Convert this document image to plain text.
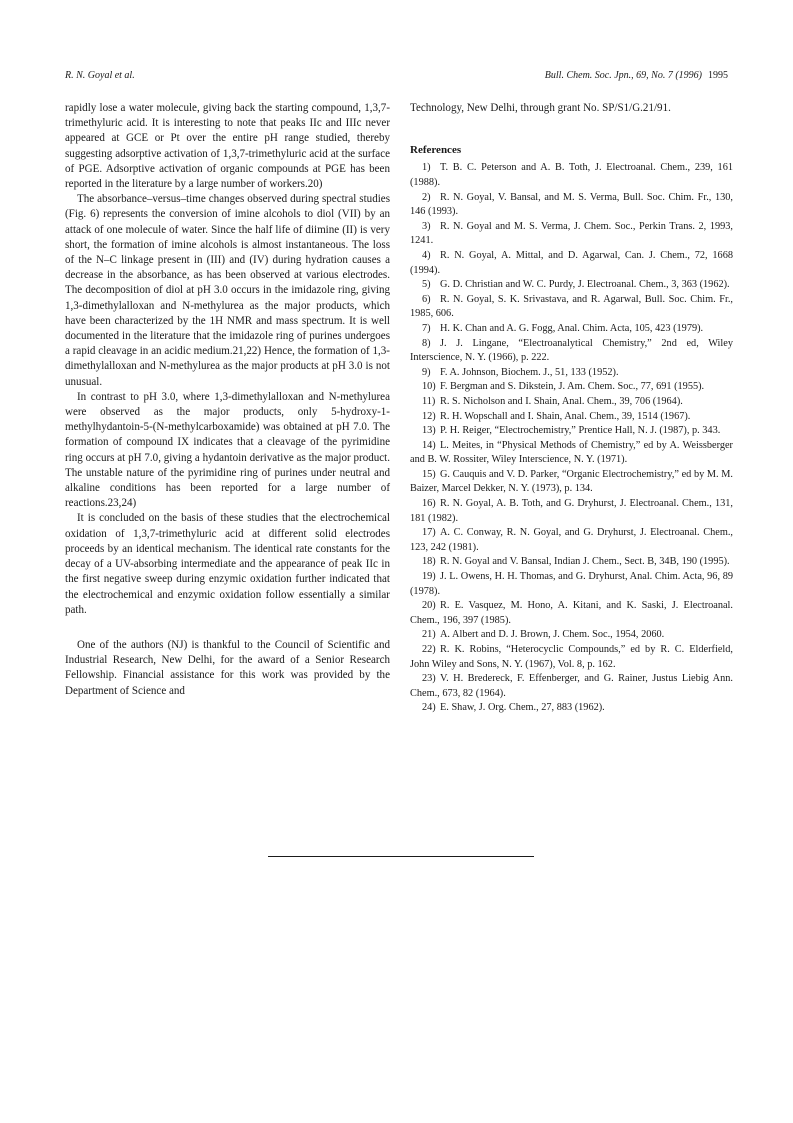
R. N. Goyal et al.	Bull. Chem. Soc. Jpn., 69, No. 7 (1996) 1995

rapidly lose a water molecule, giving back the starting compound, 1,3,7-trimethyluric acid. It is interesting to note that peaks IIc and IIIc never appeared at GCE or Pt over the entire pH range studied, thereby suggesting adsorptive activation of 1,3,7-trimethyluric acid at the surface of PGE. Adsorptive activation of organic compounds at PGE has been reported in the literature by a large number of workers.20)

The absorbance–versus–time changes observed during spectral studies (Fig. 6) represents the conversion of imine alcohols to diol (VII) by an attack of one molecule of water. Since the half life of diimine (II) is very short, the formation of imine alcohols is almost instantaneous. The loss of the N–C linkage present in (III) and (IV) during hydration causes a decrease in the absorbance, as has been observed at various electrodes. The decomposition of diol at pH 3.0 occurs in the imidazole ring, giving 1,3-dimethylalloxan and N-methylurea as the major products, which have been characterized by the 1H NMR and mass spectrum. It is well documented in the literature that the imidazole ring of purines undergoes a rapid cleavage in an acidic medium.21,22) Hence, the formation of 1,3-dimethylalloxan and N-methylurea as the major products at pH 3.0 is not unusual.

In contrast to pH 3.0, where 1,3-dimethylalloxan and N-methylurea were observed as the major products, only 5-hydroxy-1-methylhydantoin-5-(N-methylcarboxamide) was obtained at pH 7.0. The formation of compound IX indicates that a cleavage of the pyrimidine ring occurs at pH 7.0, giving a hydantoin derivative as the major product. The unstable nature of the pyrimidine ring of purines under neutral and alkaline conditions has been reported for a large number of reactions.23,24)

It is concluded on the basis of these studies that the electrochemical oxidation of 1,3,7-trimethyluric acid at different solid electrodes proceeds by an identical mechanism. The identical rate constants for the decay of a UV-absorbing intermediate and the appearance of peak IIc in the first negative sweep during enzymic oxidation further indicated that the electrochemical and enzymic oxidation follow essentially a similar path.

One of the authors (NJ) is thankful to the Council of Scientific and Industrial Research, New Delhi, for the award of a Senior Research Fellowship. Financial assistance for this work was provided by the Department of Science and

Technology, New Delhi, through grant No. SP/S1/G.21/91.

References
1) T. B. C. Peterson and A. B. Toth, J. Electroanal. Chem., 239, 161 (1988).
2) R. N. Goyal, V. Bansal, and M. S. Verma, Bull. Soc. Chim. Fr., 130, 146 (1993).
3) R. N. Goyal and M. S. Verma, J. Chem. Soc., Perkin Trans. 2, 1993, 1241.
4) R. N. Goyal, A. Mittal, and D. Agarwal, Can. J. Chem., 72, 1668 (1994).
5) G. D. Christian and W. C. Purdy, J. Electroanal. Chem., 3, 363 (1962).
6) R. N. Goyal, S. K. Srivastava, and R. Agarwal, Bull. Soc. Chim. Fr., 1985, 606.
7) H. K. Chan and A. G. Fogg, Anal. Chim. Acta, 105, 423 (1979).
8) J. J. Lingane, “Electroanalytical Chemistry,” 2nd ed, Wiley Interscience, N. Y. (1966), p. 222.
9) F. A. Johnson, Biochem. J., 51, 133 (1952).
10) F. Bergman and S. Dikstein, J. Am. Chem. Soc., 77, 691 (1955).
11) R. S. Nicholson and I. Shain, Anal. Chem., 39, 706 (1964).
12) R. H. Wopschall and I. Shain, Anal. Chem., 39, 1514 (1967).
13) P. H. Reiger, “Electrochemistry,” Prentice Hall, N. J. (1987), p. 343.
14) L. Meites, in “Physical Methods of Chemistry,” ed by A. Weissberger and B. W. Rossiter, Wiley Interscience, N. Y. (1971).
15) G. Cauquis and V. D. Parker, “Organic Electrochemistry,” ed by M. M. Baizer, Marcel Dekker, N. Y. (1973), p. 134.
16) R. N. Goyal, A. B. Toth, and G. Dryhurst, J. Electroanal. Chem., 131, 181 (1982).
17) A. C. Conway, R. N. Goyal, and G. Dryhurst, J. Electroanal. Chem., 123, 242 (1981).
18) R. N. Goyal and V. Bansal, Indian J. Chem., Sect. B, 34B, 190 (1995).
19) J. L. Owens, H. H. Thomas, and G. Dryhurst, Anal. Chim. Acta, 96, 89 (1978).
20) R. E. Vasquez, M. Hono, A. Kitani, and K. Saski, J. Electroanal. Chem., 196, 397 (1985).
21) A. Albert and D. J. Brown, J. Chem. Soc., 1954, 2060.
22) R. K. Robins, “Heterocyclic Compounds,” ed by R. C. Elderfield, John Wiley and Sons, N. Y. (1967), Vol. 8, p. 162.
23) V. H. Bredereck, F. Effenberger, and G. Rainer, Justus Liebig Ann. Chem., 673, 82 (1964).
24) E. Shaw, J. Org. Chem., 27, 883 (1962).
